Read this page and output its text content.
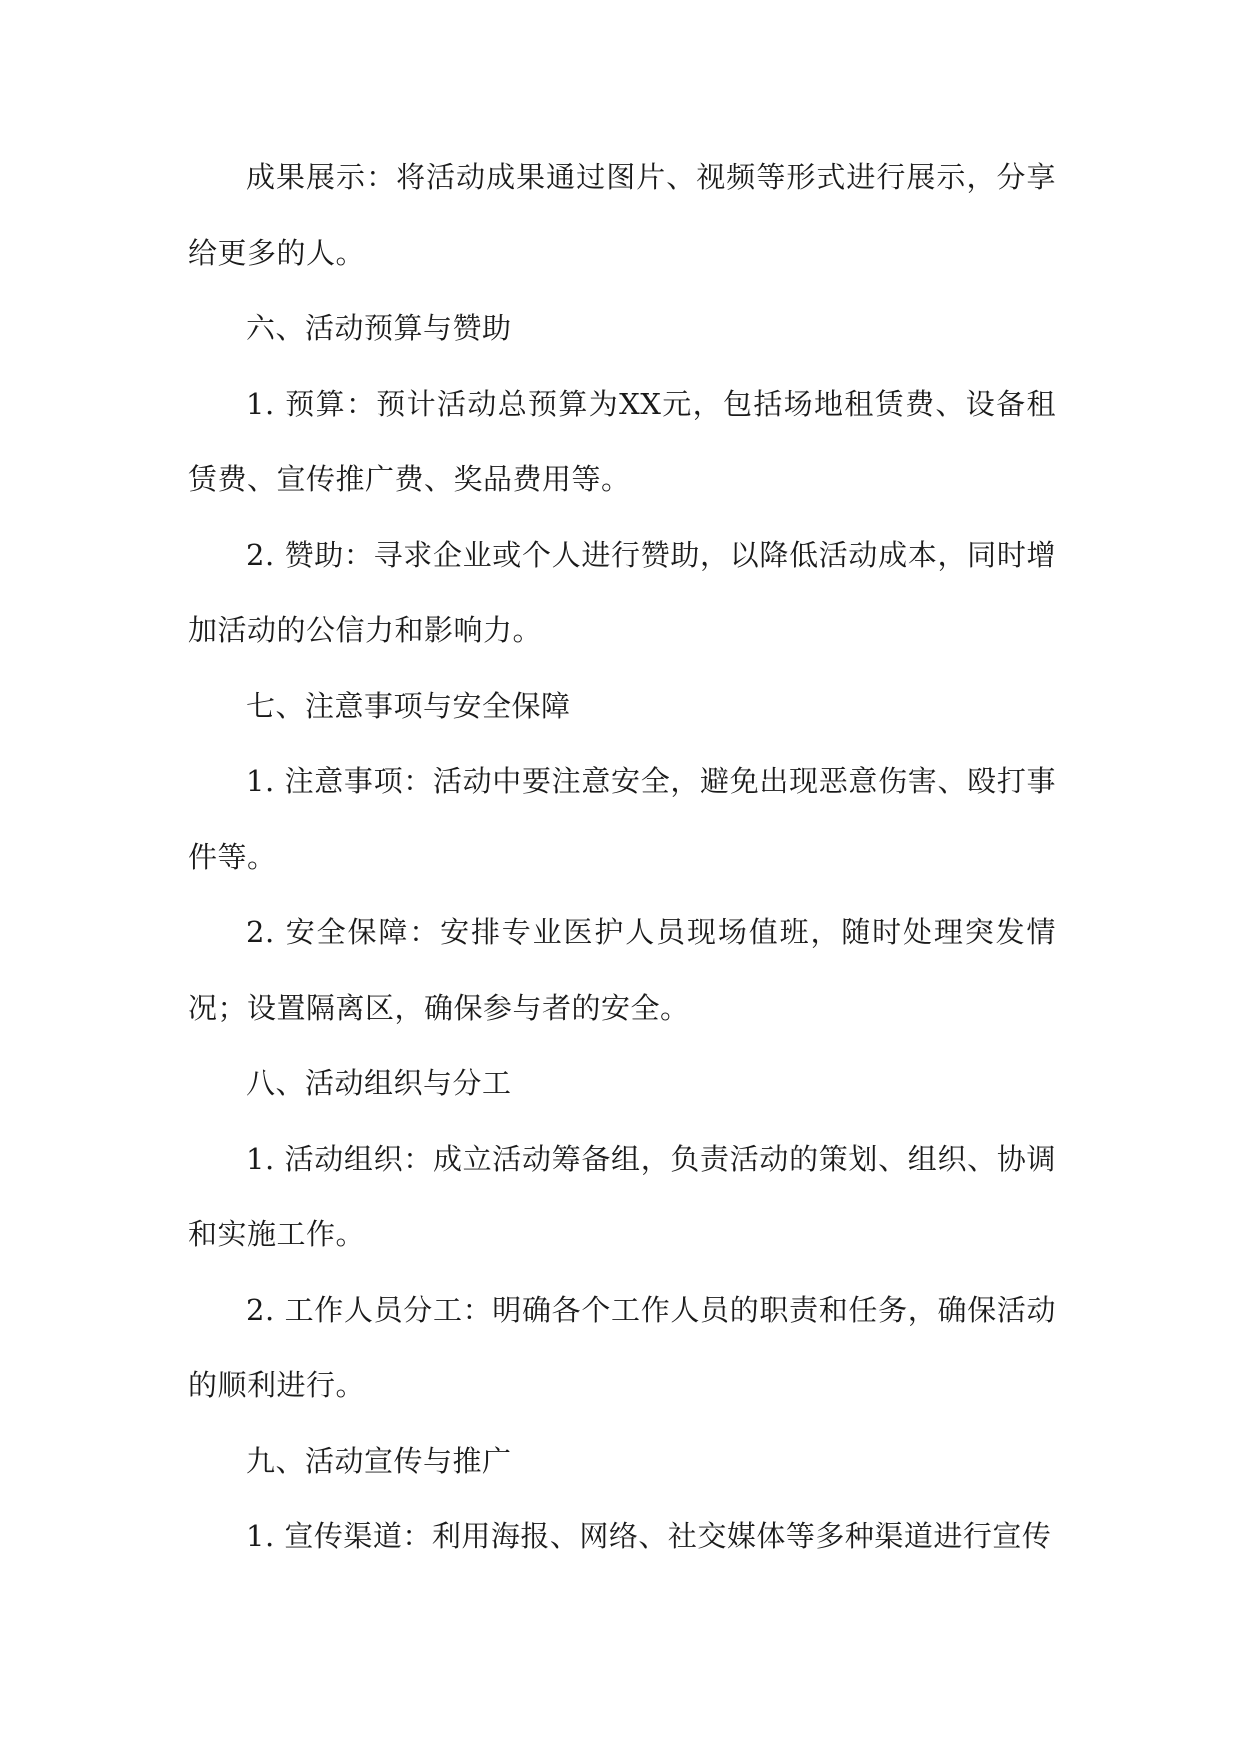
成果展示：将活动成果通过图片、视频等形式进行展示，分享给更多的人。

六、活动预算与赞助

1. 预算：预计活动总预算为XX元，包括场地租赁费、设备租赁费、宣传推广费、奖品费用等。

2. 赞助：寻求企业或个人进行赞助，以降低活动成本，同时增加活动的公信力和影响力。

七、注意事项与安全保障

1. 注意事项：活动中要注意安全，避免出现恶意伤害、殴打事件等。

2. 安全保障：安排专业医护人员现场值班，随时处理突发情况；设置隔离区，确保参与者的安全。

八、活动组织与分工

1. 活动组织：成立活动筹备组，负责活动的策划、组织、协调和实施工作。

2. 工作人员分工：明确各个工作人员的职责和任务，确保活动的顺利进行。

九、活动宣传与推广

1. 宣传渠道：利用海报、网络、社交媒体等多种渠道进行宣传
